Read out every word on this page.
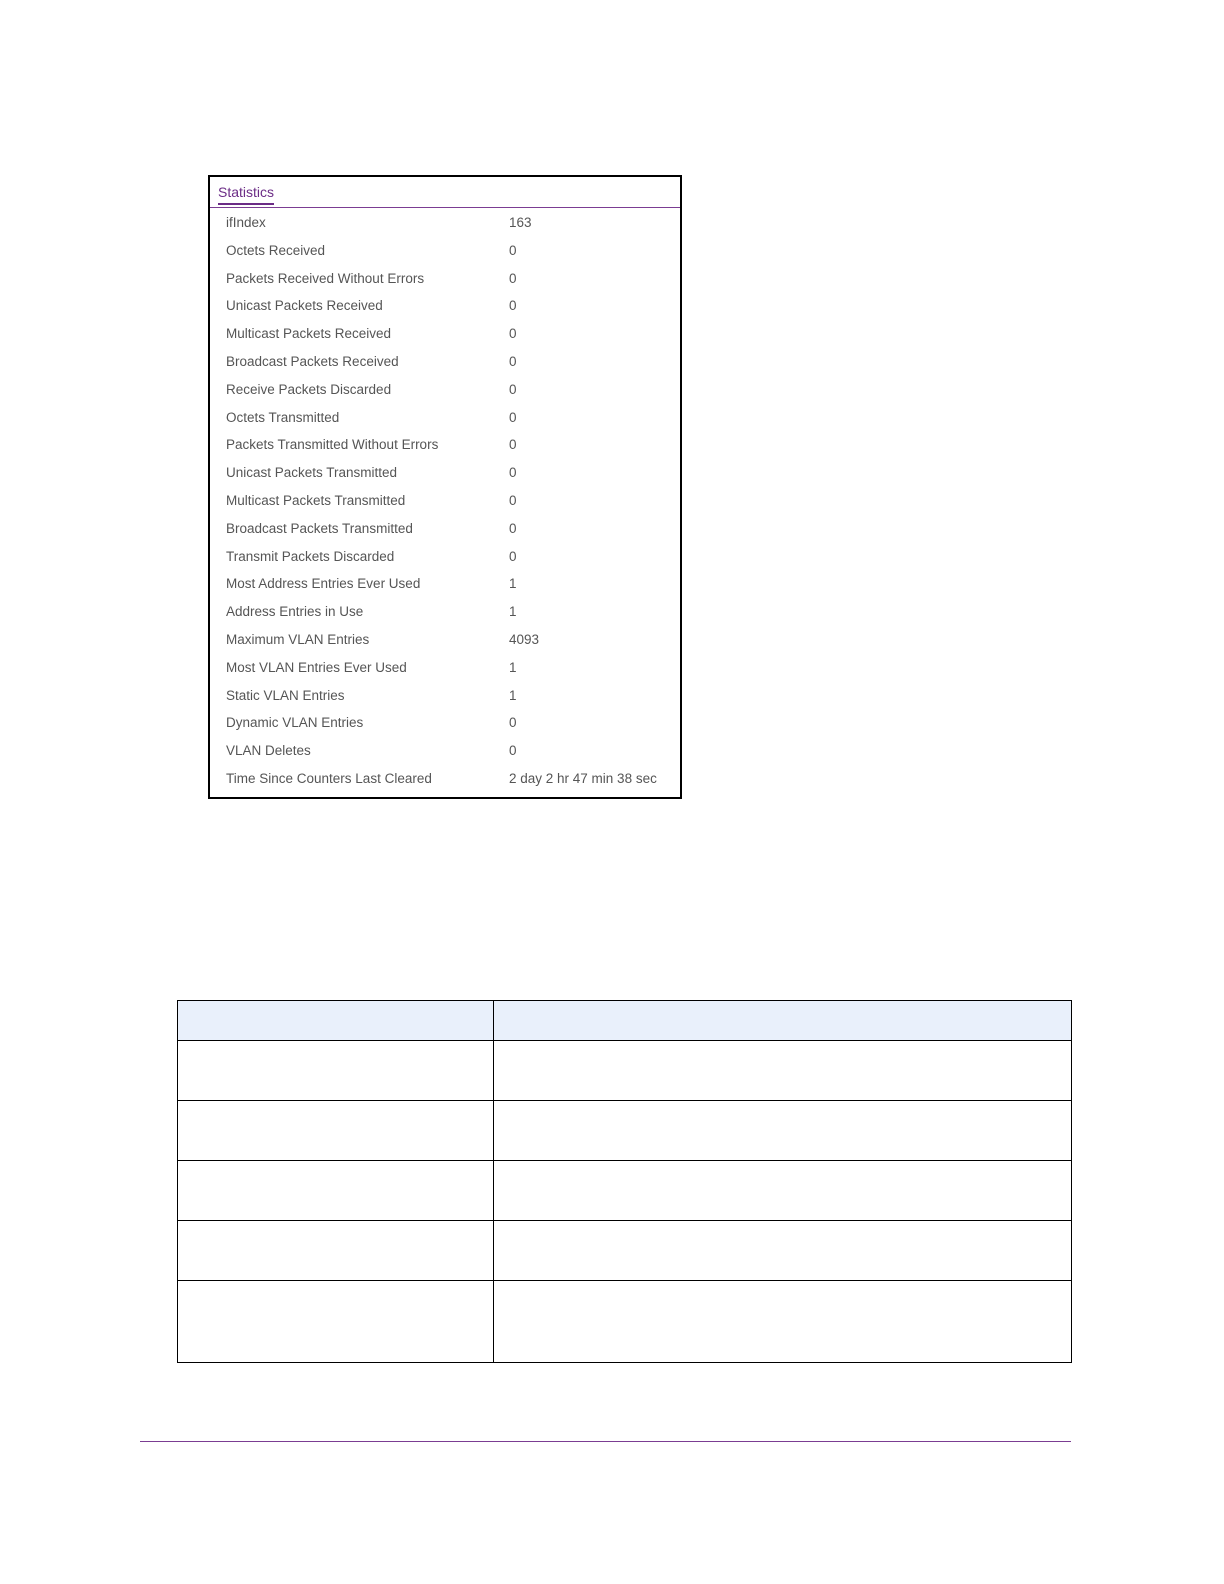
Statistics
ifIndex	163
Octets Received	0
Packets Received Without Errors	0
Unicast Packets Received	0
Multicast Packets Received	0
Broadcast Packets Received	0
Receive Packets Discarded	0
Octets Transmitted	0
Packets Transmitted Without Errors	0
Unicast Packets Transmitted	0
Multicast Packets Transmitted	0
Broadcast Packets Transmitted	0
Transmit Packets Discarded	0
Most Address Entries Ever Used	1
Address Entries in Use	1
Maximum VLAN Entries	4093
Most VLAN Entries Ever Used	1
Static VLAN Entries	1
Dynamic VLAN Entries	0
VLAN Deletes	0
Time Since Counters Last Cleared	2 day 2 hr 47 min 38 sec
